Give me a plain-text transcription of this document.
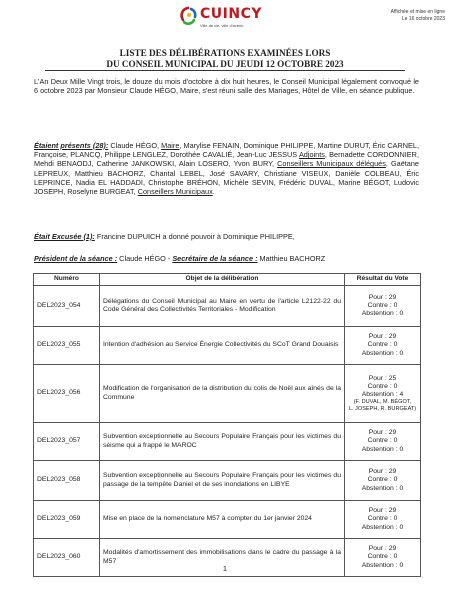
CUINCY
Ville de vie, ville d'avenir
Affichée et mise en ligne
Le 16 octobre 2023
LISTE DES DÉLIBÉRATIONS EXAMINÉES LORS
DU CONSEIL MUNICIPAL DU JEUDI 12 OCTOBRE 2023

L'An Deux Mille Vingt trois, le douze du mois d'octobre à dix huit heures, le Conseil Municipal légalement convoqué le 6 octobre 2023 par Monsieur Claude HÉGO, Maire, s'est réuni salle des Mariages, Hôtel de Ville, en séance publique.

Étaient présents (28): Claude HÉGO, Maire, Marylise FENAIN, Dominique PHILIPPE, Martine DURUT, Éric CARNEL, Françoise, PLANCQ, Philippe LENGLEZ, Dorothée CAVALIÉ, Jean-Luc JESSUS Adjoints, Bernadette CORDONNIER, Mehdi BENAODJ, Catherine JANKOWSKI, Alain LOSERO, Yvon BURY, Conseillers Municipaux délégués, Gaëtane LEPREUX, Matthieu BACHORZ, Chantal LEBEL, José SAVARY, Christiane VISEUX, Danièle COLBEAU, Éric LEPRINCE, Nadia EL HADDADI, Christophe BRÉHON, Michèle SEVIN, Frédéric DUVAL, Marine BÉGOT, Ludovic JOSEPH, Roselyne BURGEAT, Conseillers Municipaux.

Était Excusée (1): Francine DUPUICH a donné pouvoir à Dominique PHILIPPE,

Président de la séance : Claude HÉGO - Secrétaire de la séance : Matthieu BACHORZ

Numéro	Objet de la délibération	Résultat du Vote
DEL2023_054	Délégations du Conseil Municipal au Maire en vertu de l'article L2122-22 du Code Général des Collectivités Territoriales - Modification	Pour : 29
Contre : 0
Abstention : 0

DEL2023_055	Intention d'adhésion au Service Énergie Collectivités du SCoT Grand Douaisis	Pour : 29
Contre : 0
Abstention : 0

DEL2023_056	Modification de l'organisation de la distribution du colis de Noël aux aînés de la Commune	Pour : 25
Contre : 0
Abstention : 4
(F. DUVAL, M. BÉGOT,
L. JOSEPH, R. BURGEAT)

DEL2023_057	Subvention exceptionnelle au Secours Populaire Français pour les victimes du séisme qui a frappé le MAROC	Pour : 29
Contre : 0
Abstention : 0

DEL2023_058	Subvention exceptionnelle au Secours Populaire Français pour les victimes du passage de la tempête Daniel et de ses inondations en LIBYE	Pour : 29
Contre : 0
Abstention : 0

DEL2023_059	Mise en place de la nomenclature M57 à compter du 1er janvier 2024	Pour : 29
Contre : 0
Abstention : 0

DEL2023_060	Modalités d'amortissement des immobilisations dans le cadre du passage à la M57	Pour : 29
Contre : 0
Abstention : 0
1
